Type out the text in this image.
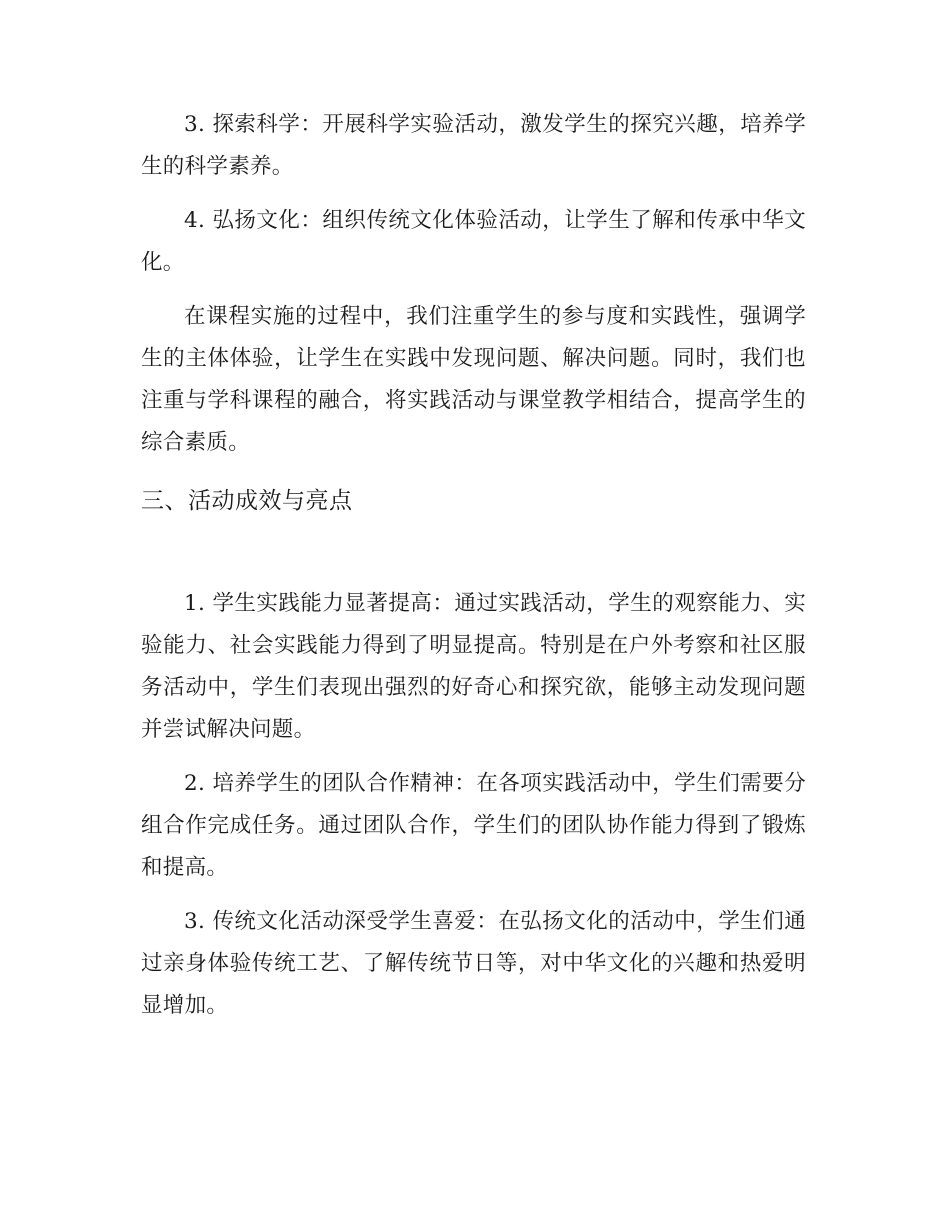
3. 探索科学：开展科学实验活动，激发学生的探究兴趣，培养学生的科学素养。

4. 弘扬文化：组织传统文化体验活动，让学生了解和传承中华文化。

在课程实施的过程中，我们注重学生的参与度和实践性，强调学生的主体体验，让学生在实践中发现问题、解决问题。同时，我们也注重与学科课程的融合，将实践活动与课堂教学相结合，提高学生的综合素质。

三、活动成效与亮点

1. 学生实践能力显著提高：通过实践活动，学生的观察能力、实验能力、社会实践能力得到了明显提高。特别是在户外考察和社区服务活动中，学生们表现出强烈的好奇心和探究欲，能够主动发现问题并尝试解决问题。

2. 培养学生的团队合作精神：在各项实践活动中，学生们需要分组合作完成任务。通过团队合作，学生们的团队协作能力得到了锻炼和提高。

3. 传统文化活动深受学生喜爱：在弘扬文化的活动中，学生们通过亲身体验传统工艺、了解传统节日等，对中华文化的兴趣和热爱明显增加。
